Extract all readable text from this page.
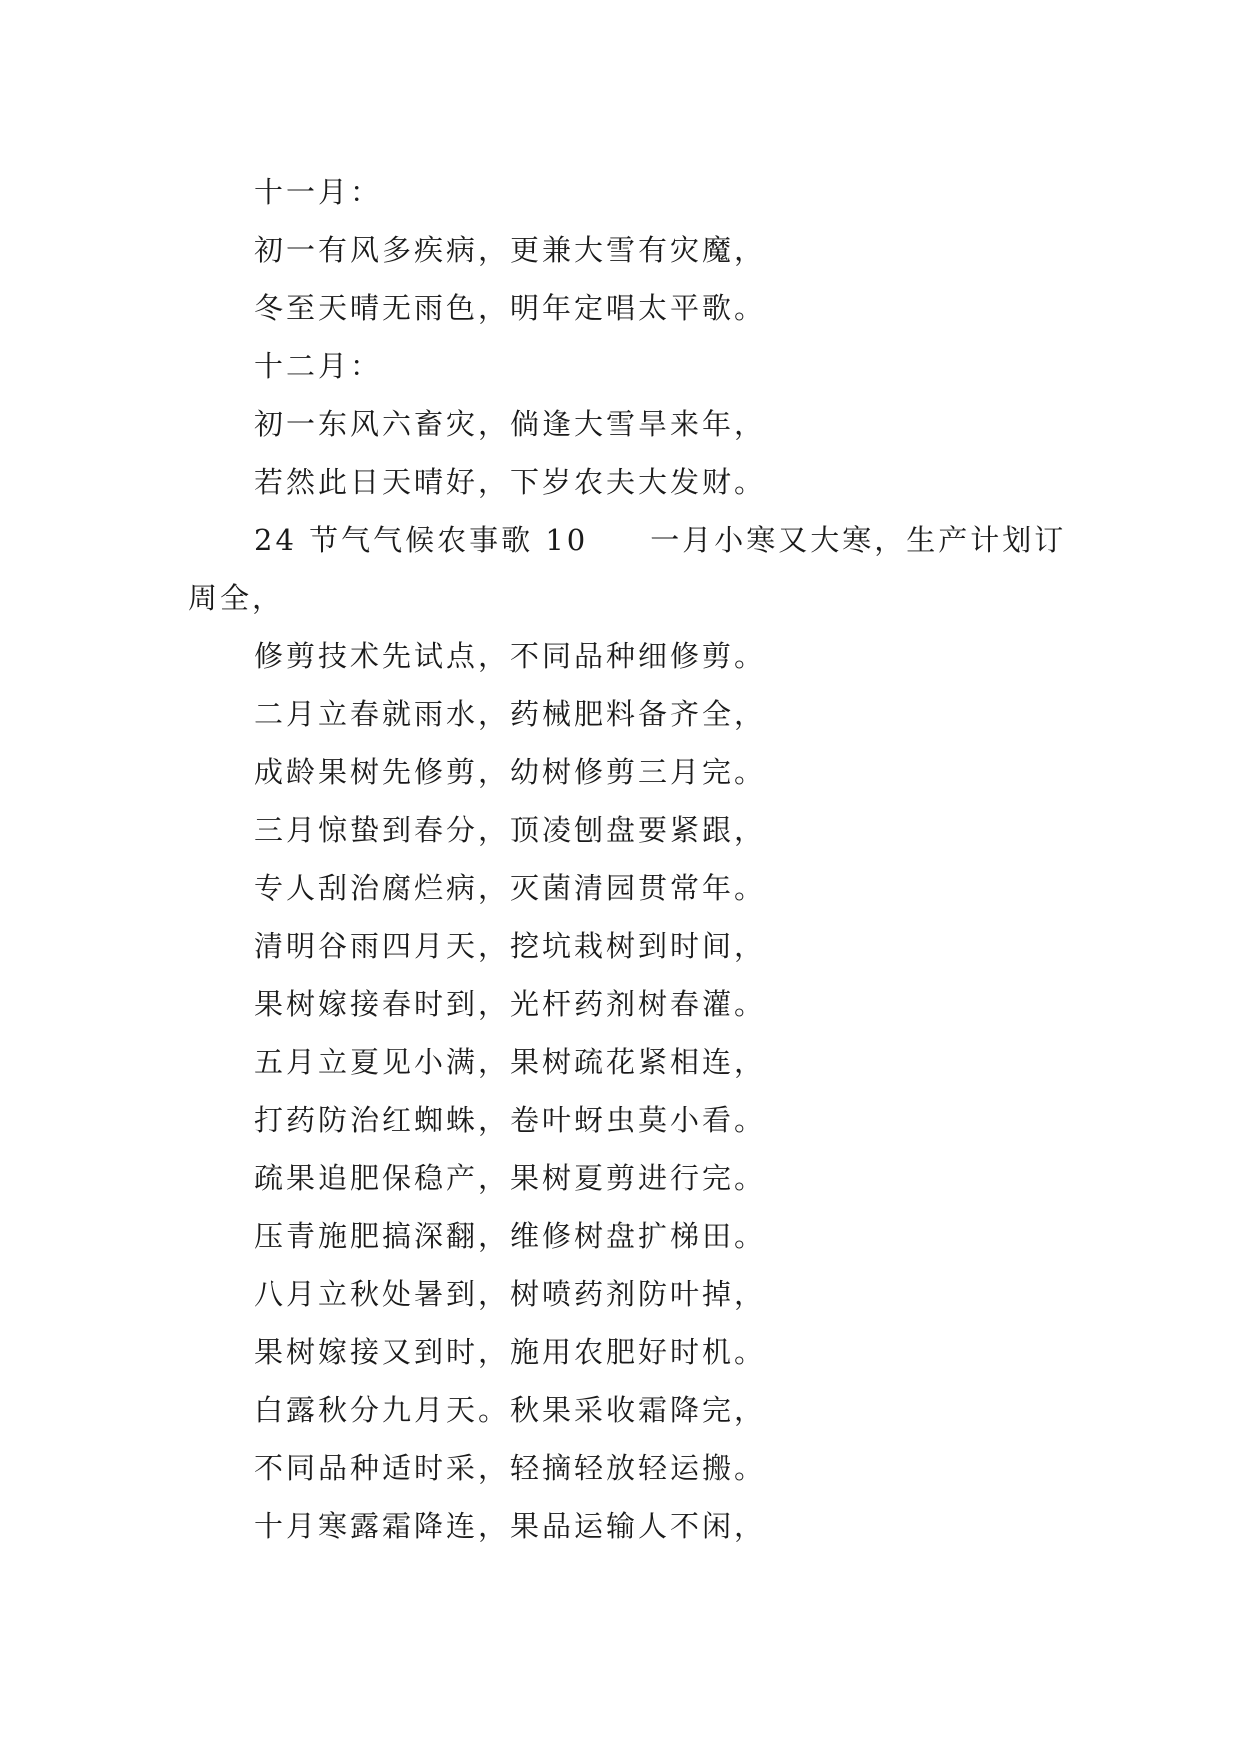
十一月：
初一有风多疾病，更兼大雪有灾魔，
冬至天晴无雨色，明年定唱太平歌。
十二月：
初一东风六畜灾，倘逢大雪旱来年，
若然此日天晴好，下岁农夫大发财。
24 节气气候农事歌 10 一月小寒又大寒，生产计划订周全，
修剪技术先试点，不同品种细修剪。
二月立春就雨水，药械肥料备齐全，
成龄果树先修剪，幼树修剪三月完。
三月惊蛰到春分，顶凌刨盘要紧跟，
专人刮治腐烂病，灭菌清园贯常年。
清明谷雨四月天，挖坑栽树到时间，
果树嫁接春时到，光杆药剂树春灌。
五月立夏见小满，果树疏花紧相连，
打药防治红蜘蛛，卷叶蚜虫莫小看。
疏果追肥保稳产，果树夏剪进行完。
压青施肥搞深翻，维修树盘扩梯田。
八月立秋处暑到，树喷药剂防叶掉，
果树嫁接又到时，施用农肥好时机。
白露秋分九月天。秋果采收霜降完，
不同品种适时采，轻摘轻放轻运搬。
十月寒露霜降连，果品运输人不闲，
